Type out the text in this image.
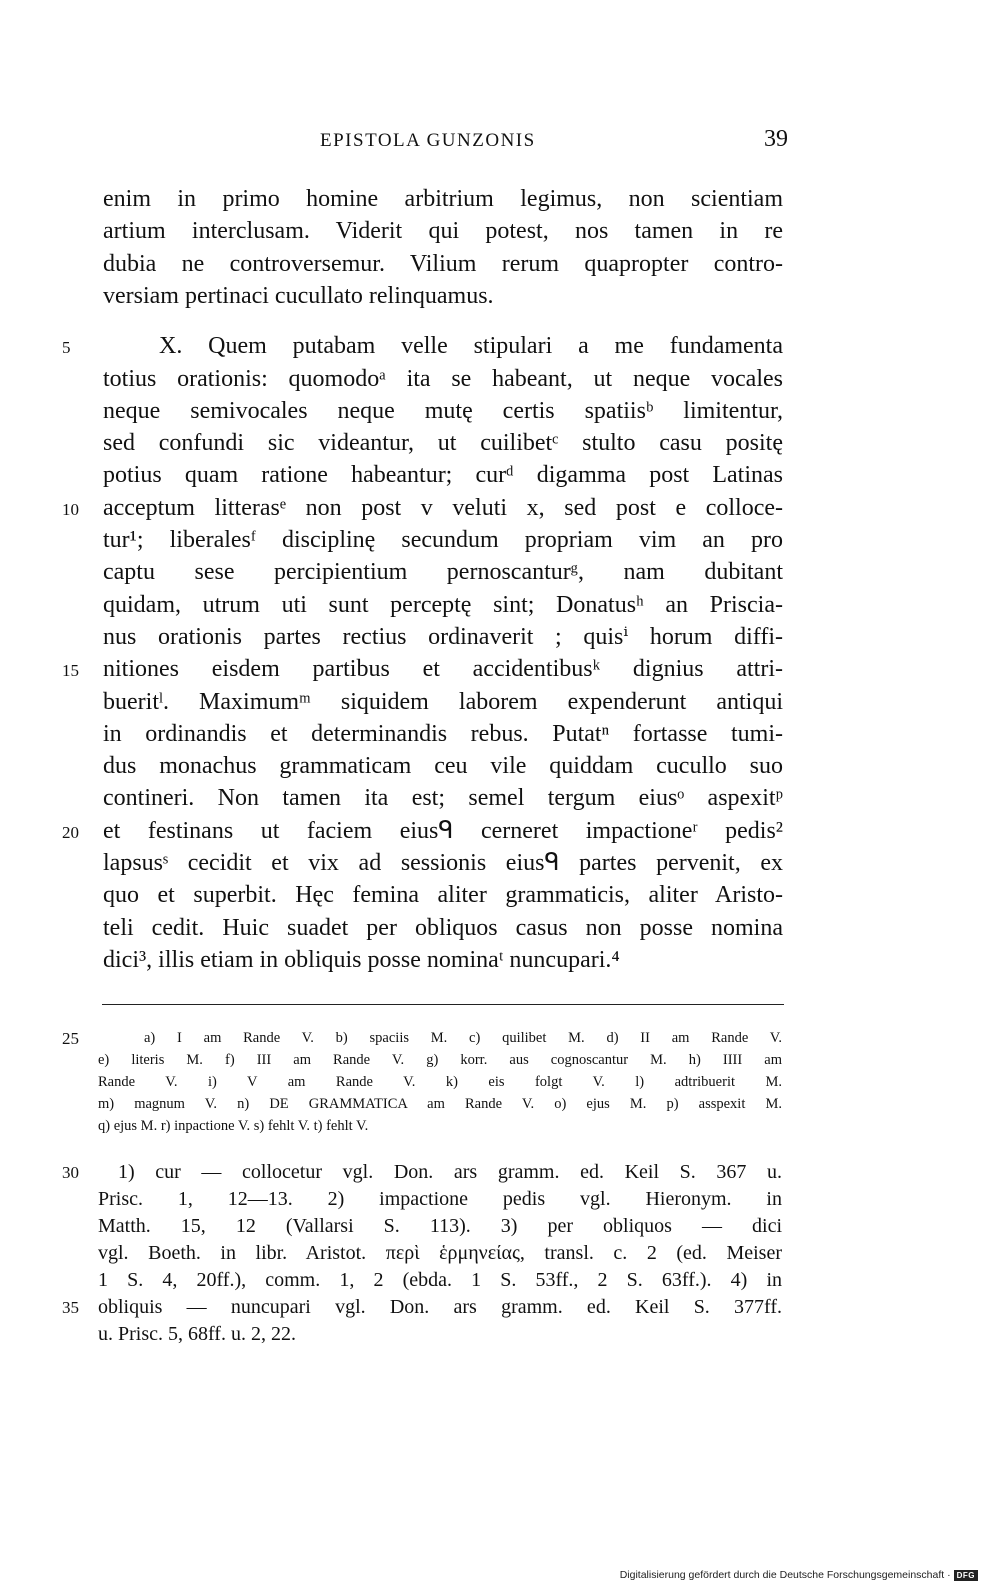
EPISTOLA GUNZONIS	39
enim in primo homine arbitrium legimus, non scientiam
artium interclusam. Viderit qui potest, nos tamen in re
dubia ne controversemur. Vilium rerum quapropter contro-
versiam pertinaci cucullato relinquamus.
X. Quem putabam velle stipulari a me fundamenta
5
totius orationis: quomodoᵃ ita se habeant, ut neque vocales
neque semivocales neque mutę certis spatiisᵇ limitentur,
sed confundi sic videantur, ut cuilibetᶜ stulto casu positę
potius quam ratione habeantur; curᵈ digamma post Latinas
acceptum litterasᵉ non post v veluti x, sed post e colloce-
10
tur¹; liberalesᶠ disciplinę secundum propriam vim an pro
captu sese percipientium pernoscanturᵍ, nam dubitant
quidam, utrum uti sunt perceptę sint; Donatusʰ an Priscia-
nus orationis partes rectius ordinaverit ; quisⁱ horum diffi-
nitiones eisdem partibus et accidentibusᵏ dignius attri-
15
bueritˡ. Maximumᵐ siquidem laborem expenderunt antiqui
in ordinandis et determinandis rebus. Putatⁿ fortasse tumi-
dus monachus grammaticam ceu vile quiddam cucullo suo
contineri. Non tamen ita est; semel tergum eiusᵒ aspexitᵖ
et festinans ut faciem eiusᑫ cerneret impactioneʳ pedis²
20
lapsusˢ cecidit et vix ad sessionis eiusᑫ partes pervenit, ex
quo et superbit. Hęc femina aliter grammaticis, aliter Aristo-
teli cedit. Huic suadet per obliquos casus non posse nomina
dici³, illis etiam in obliquis posse nominaᵗ nuncupari.⁴
a) I am Rande V. b) spaciis M. c) quilibet M. d) II am Rande V.
25
e) literis M. f) III am Rande V. g) korr. aus cognoscantur M. h) IIII am
Rande V. i) V am Rande V. k) eis folgt V. l) adtribuerit M.
m) magnum V. n) DE GRAMMATICA am Rande V. o) ejus M. p) asspexit M.
q) ejus M. r) inpactione V. s) fehlt V. t) fehlt V.
1) cur — collocetur vgl. Don. ars gramm. ed. Keil S. 367 u.
30
Prisc. 1, 12—13. 2) impactione pedis vgl. Hieronym. in
Matth. 15, 12 (Vallarsi S. 113). 3) per obliquos — dici
vgl. Boeth. in libr. Aristot. περὶ ἑρμηνείας, transl. c. 2 (ed. Meiser
1 S. 4, 20ff.), comm. 1, 2 (ebda. 1 S. 53ff., 2 S. 63ff.). 4) in
obliquis — nuncupari vgl. Don. ars gramm. ed. Keil S. 377ff.
35
u. Prisc. 5, 68ff. u. 2, 22.
Digitalisierung gefördert durch die Deutsche Forschungsgemeinschaft · DFG
